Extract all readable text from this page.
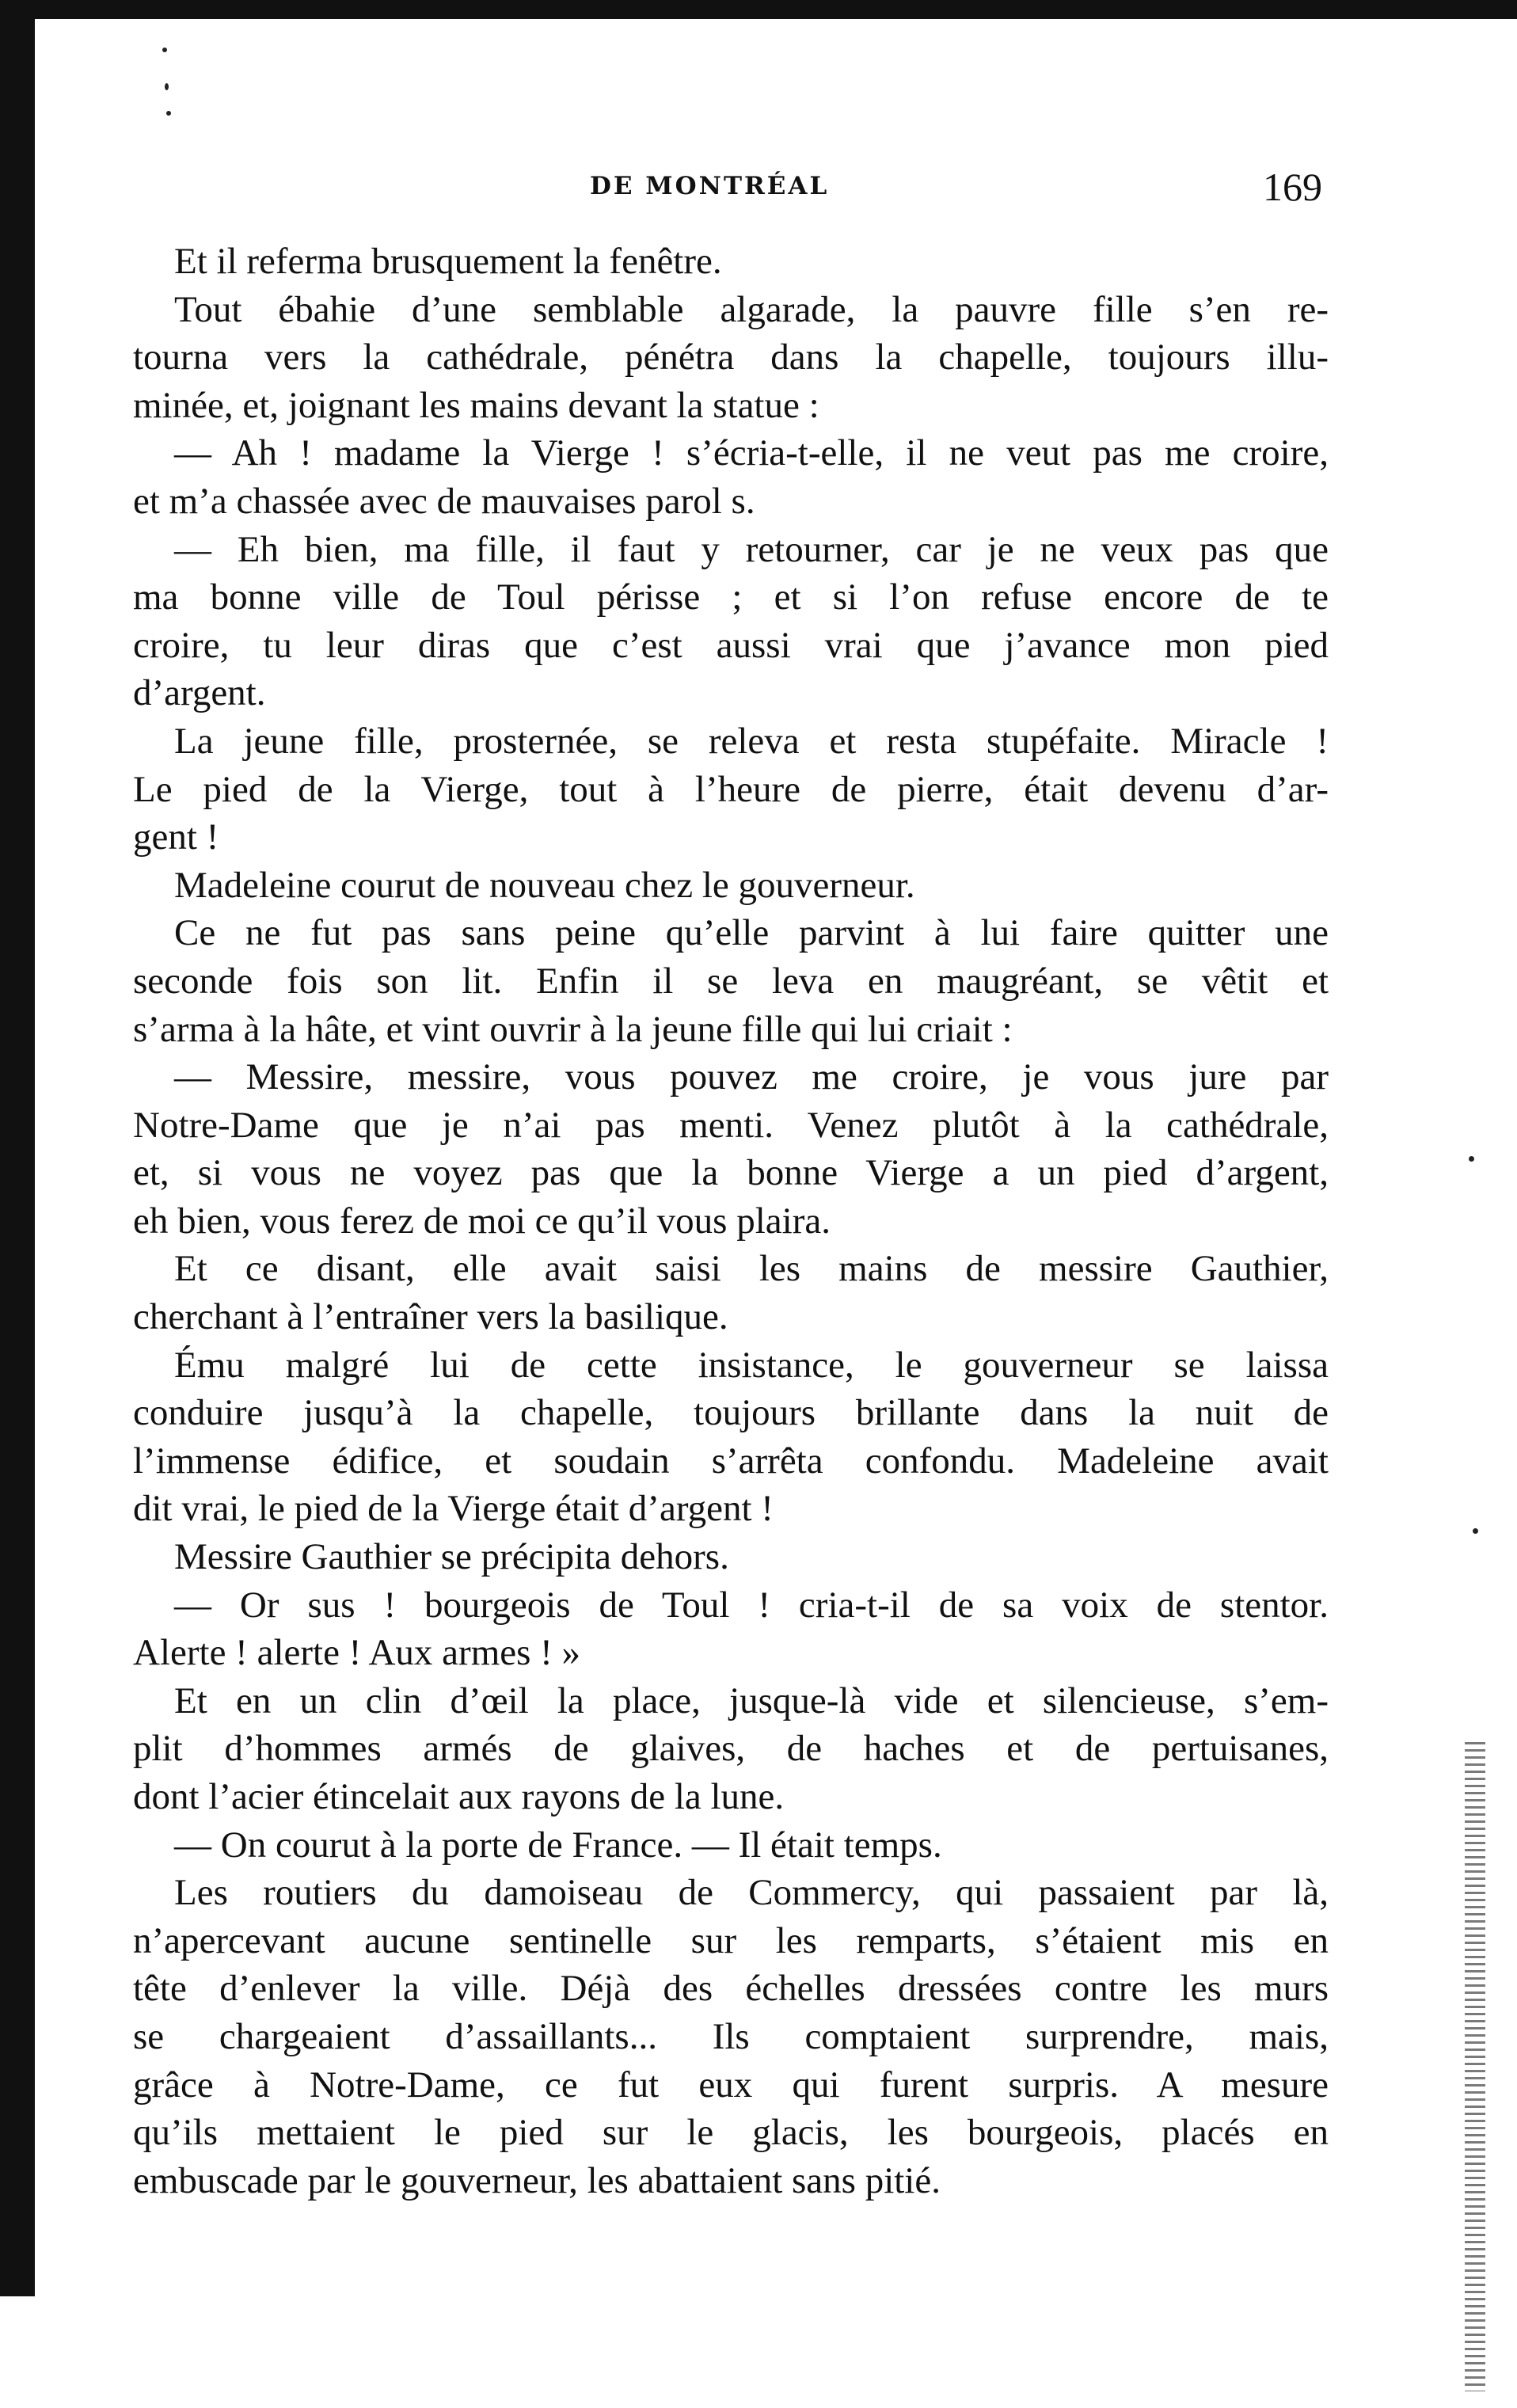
DE MONTRÉAL	169
Et il referma brusquement la fenêtre.
Tout ébahie d’une semblable algarade, la pauvre fille s’en re-
tourna vers la cathédrale, pénétra dans la chapelle, toujours illu-
minée, et, joignant les mains devant la statue :
— Ah ! madame la Vierge ! s’écria-t-elle, il ne veut pas me croire,
et m’a chassée avec de mauvaises parol s.
— Eh bien, ma fille, il faut y retourner, car je ne veux pas que
ma bonne ville de Toul périsse ; et si l’on refuse encore de te
croire, tu leur diras que c’est aussi vrai que j’avance mon pied
d’argent.
La jeune fille, prosternée, se releva et resta stupéfaite. Miracle !
Le pied de la Vierge, tout à l’heure de pierre, était devenu d’ar-
gent !
Madeleine courut de nouveau chez le gouverneur.
Ce ne fut pas sans peine qu’elle parvint à lui faire quitter une
seconde fois son lit. Enfin il se leva en maugréant, se vêtit et
s’arma à la hâte, et vint ouvrir à la jeune fille qui lui criait :
— Messire, messire, vous pouvez me croire, je vous jure par
Notre-Dame que je n’ai pas menti. Venez plutôt à la cathédrale,
et, si vous ne voyez pas que la bonne Vierge a un pied d’argent,
eh bien, vous ferez de moi ce qu’il vous plaira.
Et ce disant, elle avait saisi les mains de messire Gauthier,
cherchant à l’entraîner vers la basilique.
Ému malgré lui de cette insistance, le gouverneur se laissa
conduire jusqu’à la chapelle, toujours brillante dans la nuit de
l’immense édifice, et soudain s’arrêta confondu. Madeleine avait
dit vrai, le pied de la Vierge était d’argent !
Messire Gauthier se précipita dehors.
— Or sus ! bourgeois de Toul ! cria-t-il de sa voix de stentor.
Alerte ! alerte ! Aux armes ! »
Et en un clin d’œil la place, jusque-là vide et silencieuse, s’em-
plit d’hommes armés de glaives, de haches et de pertuisanes,
dont l’acier étincelait aux rayons de la lune.
— On courut à la porte de France. — Il était temps.
Les routiers du damoiseau de Commercy, qui passaient par là,
n’apercevant aucune sentinelle sur les remparts, s’étaient mis en
tête d’enlever la ville. Déjà des échelles dressées contre les murs
se chargeaient d’assaillants... Ils comptaient surprendre, mais,
grâce à Notre-Dame, ce fut eux qui furent surpris. A mesure
qu’ils mettaient le pied sur le glacis, les bourgeois, placés en
embuscade par le gouverneur, les abattaient sans pitié.
